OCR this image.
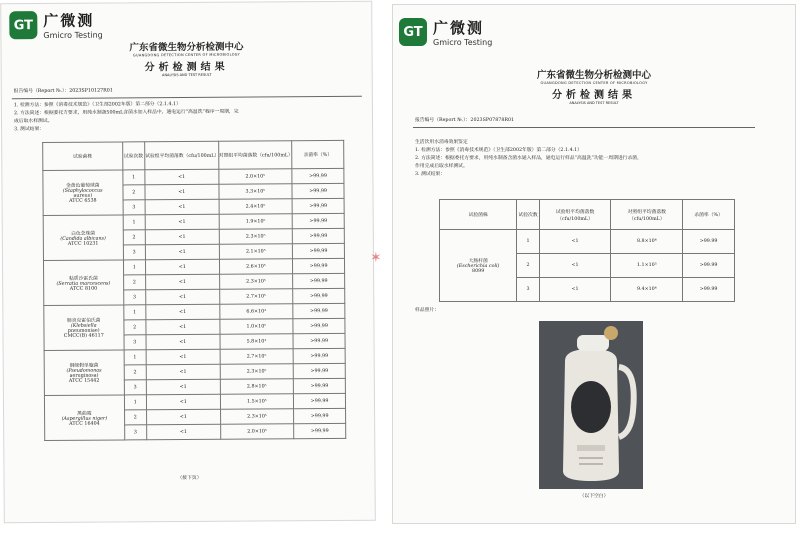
GT 广微测
Gmicro Testing
广东省微生物分析检测中心
GUANGDONG DETECTION CENTER OF MICROBIOLOGY
分析检测结果
ANALYSIS AND TEST RESULT
报告编号（Report №.）：2023SP10127R01
1. 检测方法：参照《消毒技术规范》（卫生部2002年版）第二部分（2.1.4.1）
2. 方法简述：根据委托方要求，用纯水制备500mL含菌水加入样品中，通电运行“高温洗”程序一周期，完
成后取水样测试。
3. 测试结果：
试验菌株	试验次数	试验组平均菌落数（cfu/100mL）	对照组平均菌落数（cfu/100mL）	杀菌率（%）

金黄色葡萄球菌
(Staphylococcus
aureus)
ATCC 6538	1	<1	2.0×10⁵	>99.99
	2	<1	3.3×10⁵	>99.99
	3	<1	2.4×10⁵	>99.99

白色念珠菌
(Candida albicans)
ATCC 10231	1	<1	1.9×10⁵	>99.99
	2	<1	2.3×10⁵	>99.99
	3	<1	2.1×10⁵	>99.99

粘质沙雷氏菌
(Serratia marcescens)
ATCC 8100	1	<1	2.6×10⁵	>99.99
	2	<1	2.3×10⁵	>99.99
	3	<1	2.7×10⁵	>99.99

肺炎克雷伯氏菌
(Klebsiella
pneumoniae)
CMCC(B) 46117	1	<1	6.6×10⁴	>99.99
	2	<1	1.0×10⁵	>99.99
	3	<1	5.8×10⁴	>99.99

铜绿假单胞菌
(Pseudomonas
aeruginosa)
ATCC 15442	1	<1	2.7×10⁵	>99.99
	2	<1	2.3×10⁵	>99.99
	3	<1	2.8×10⁵	>99.99

黑曲霉
(Aspergillus niger)
ATCC 16404	1	<1	1.5×10⁵	>99.99
	2	<1	2.3×10⁵	>99.99
	3	<1	2.0×10⁵	>99.99
（接下页）
GT 广微测
Gmicro Testing
广东省微生物分析检测中心
GUANGDONG DETECTION CENTER OF MICROBIOLOGY
分析检测结果
ANALYSIS AND TEST RESULT
报告编号（Report №.）：2023SP07878R01
生活饮用水消毒效果鉴定
1. 检测方法：参照《消毒技术规范》（卫生部2002年版）第二部分（2.1.4.1）
2. 方法简述：根据委托方要求，用纯水制备含菌水通入样品，通电运行样品“高温洗”功能一周期进行杀菌，
作用完成后取水样测试。
3. 测试结果：
试验菌株	试验次数	试验组平均菌落数（cfu/100mL）	对照组平均菌落数（cfu/100mL）	杀菌率（%）

大肠杆菌
(Escherichia coli)
8099	1	<1	8.8×10⁴	>99.99
	2	<1	1.1×10⁵	>99.99
	3	<1	9.4×10⁴	>99.99
样品照片：
（以下空白）
✶
